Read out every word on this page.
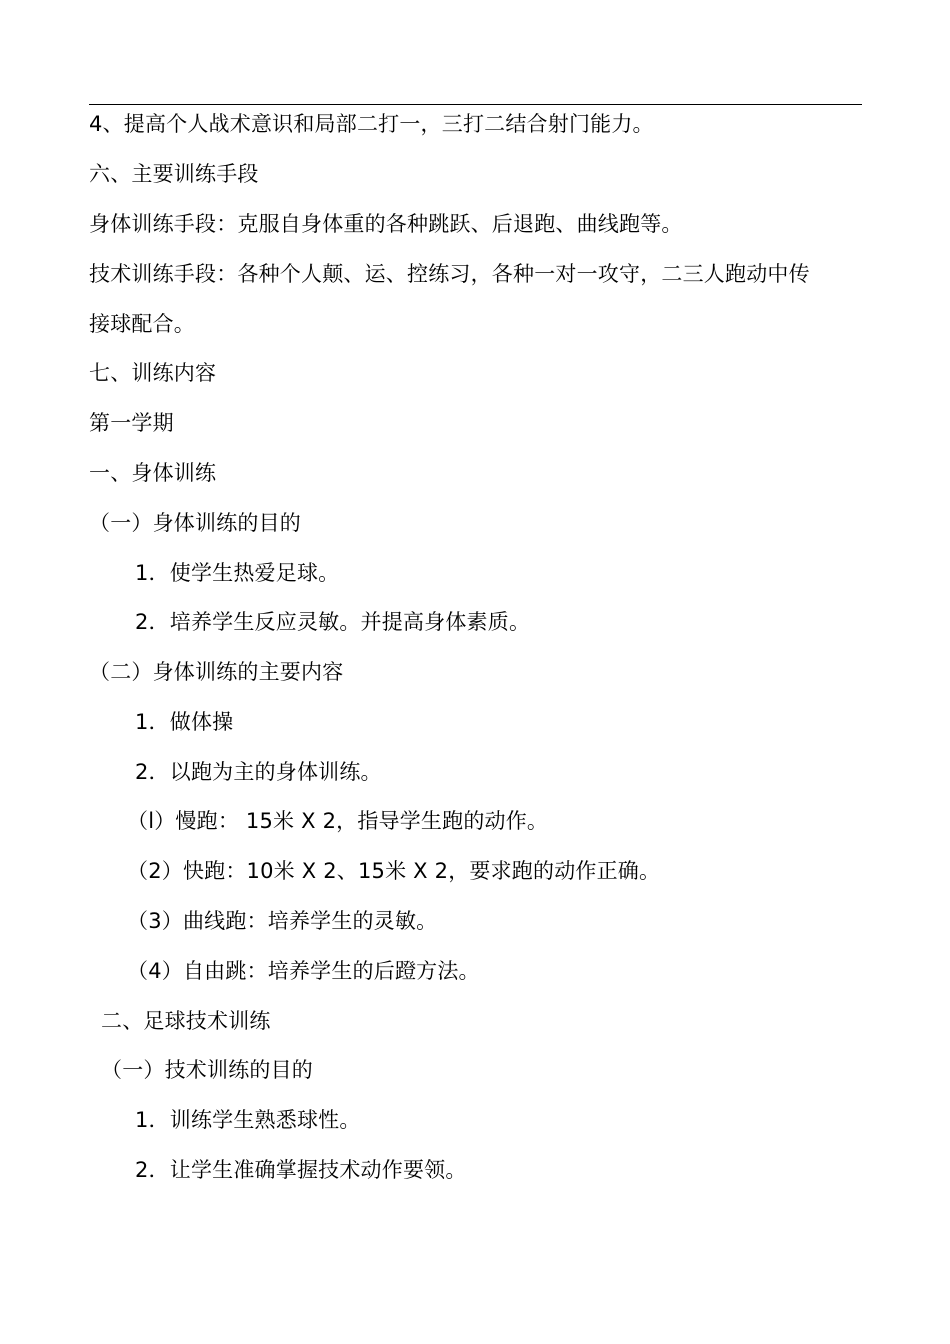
4、提高个人战术意识和局部二打一，三打二结合射门能力。
六、主要训练手段
身体训练手段：克服自身体重的各种跳跃、后退跑、曲线跑等。
技术训练手段：各种个人颠、运、控练习，各种一对一攻守，二三人跑动中传
接球配合。
七、训练内容
第一学期
一、身体训练
（一）身体训练的目的
1．使学生热爱足球。
2．培养学生反应灵敏。并提高身体素质。
（二）身体训练的主要内容
1．做体操
2．以跑为主的身体训练。
（l）慢跑： 15米 X 2，指导学生跑的动作。
（2）快跑：10米 X 2、15米 X 2，要求跑的动作正确。
（3）曲线跑：培养学生的灵敏。
（4）自由跳：培养学生的后蹬方法。
二、足球技术训练
（一）技术训练的目的
1．训练学生熟悉球性。
2．让学生准确掌握技术动作要领。
